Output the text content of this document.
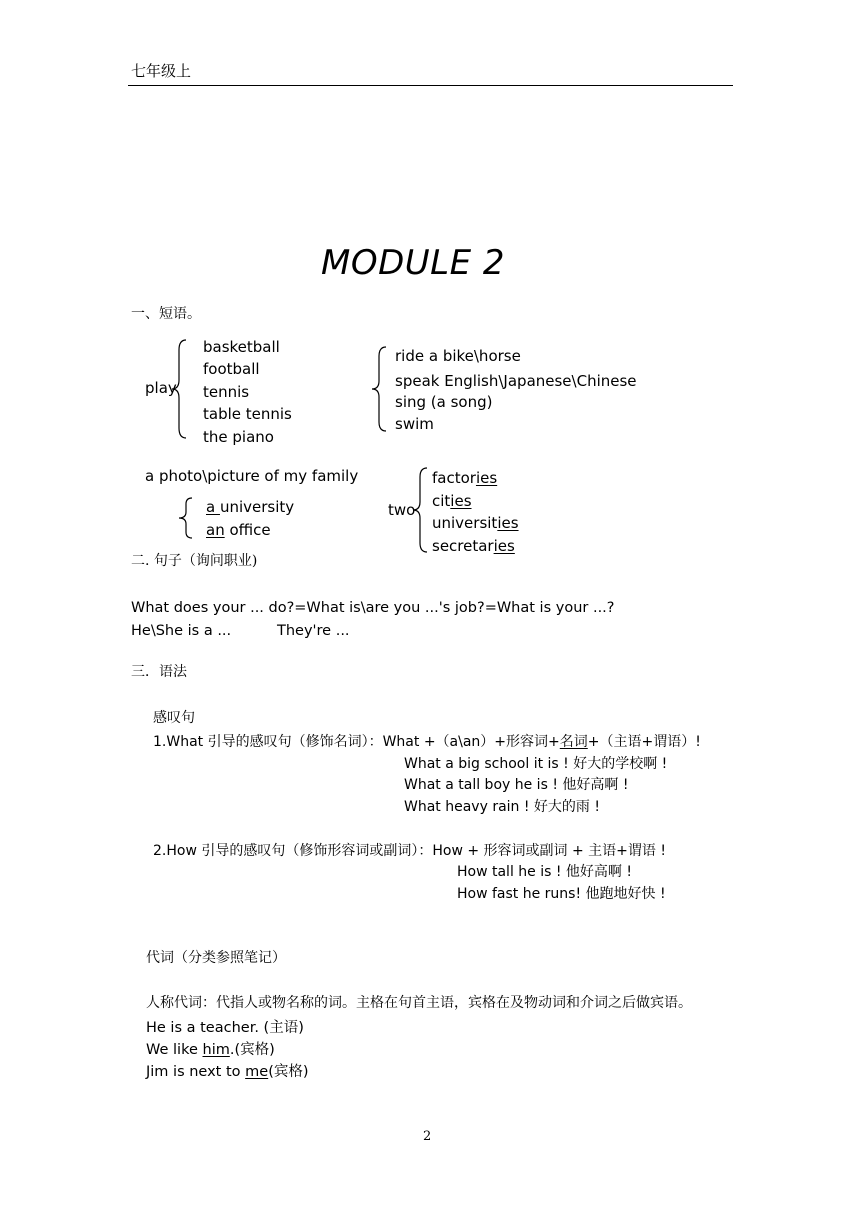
七年级上
MODULE 2
一、短语。
play
basketball
football
tennis
table tennis
the piano
ride a bike\horse
speak English\Japanese\Chinese
sing (a song)
swim
a photo\picture of my family
a university
an office
two
factories
cities
universities
secretaries
二. 句子（询问职业)
What does your ... do?=What is\are you ...'s job?=What is your ...?
He\She is a ...	They're ...
三．语法
感叹句
1.What 引导的感叹句（修饰名词）：What +（a\an）+形容词+名词+（主语+谓语）!
What a big school it is ! 好大的学校啊 !
What a tall boy he is ! 他好高啊 !
What heavy rain ! 好大的雨 !
2.How 引导的感叹句（修饰形容词或副词）：How + 形容词或副词 + 主语+谓语 !
How tall he is ! 他好高啊 !
How fast he runs! 他跑地好快 !
代词（分类参照笔记）
人称代词：代指人或物名称的词。主格在句首主语，宾格在及物动词和介词之后做宾语。
He is a teacher. (主语)
We like him.(宾格)
Jim is next to me(宾格)
2
